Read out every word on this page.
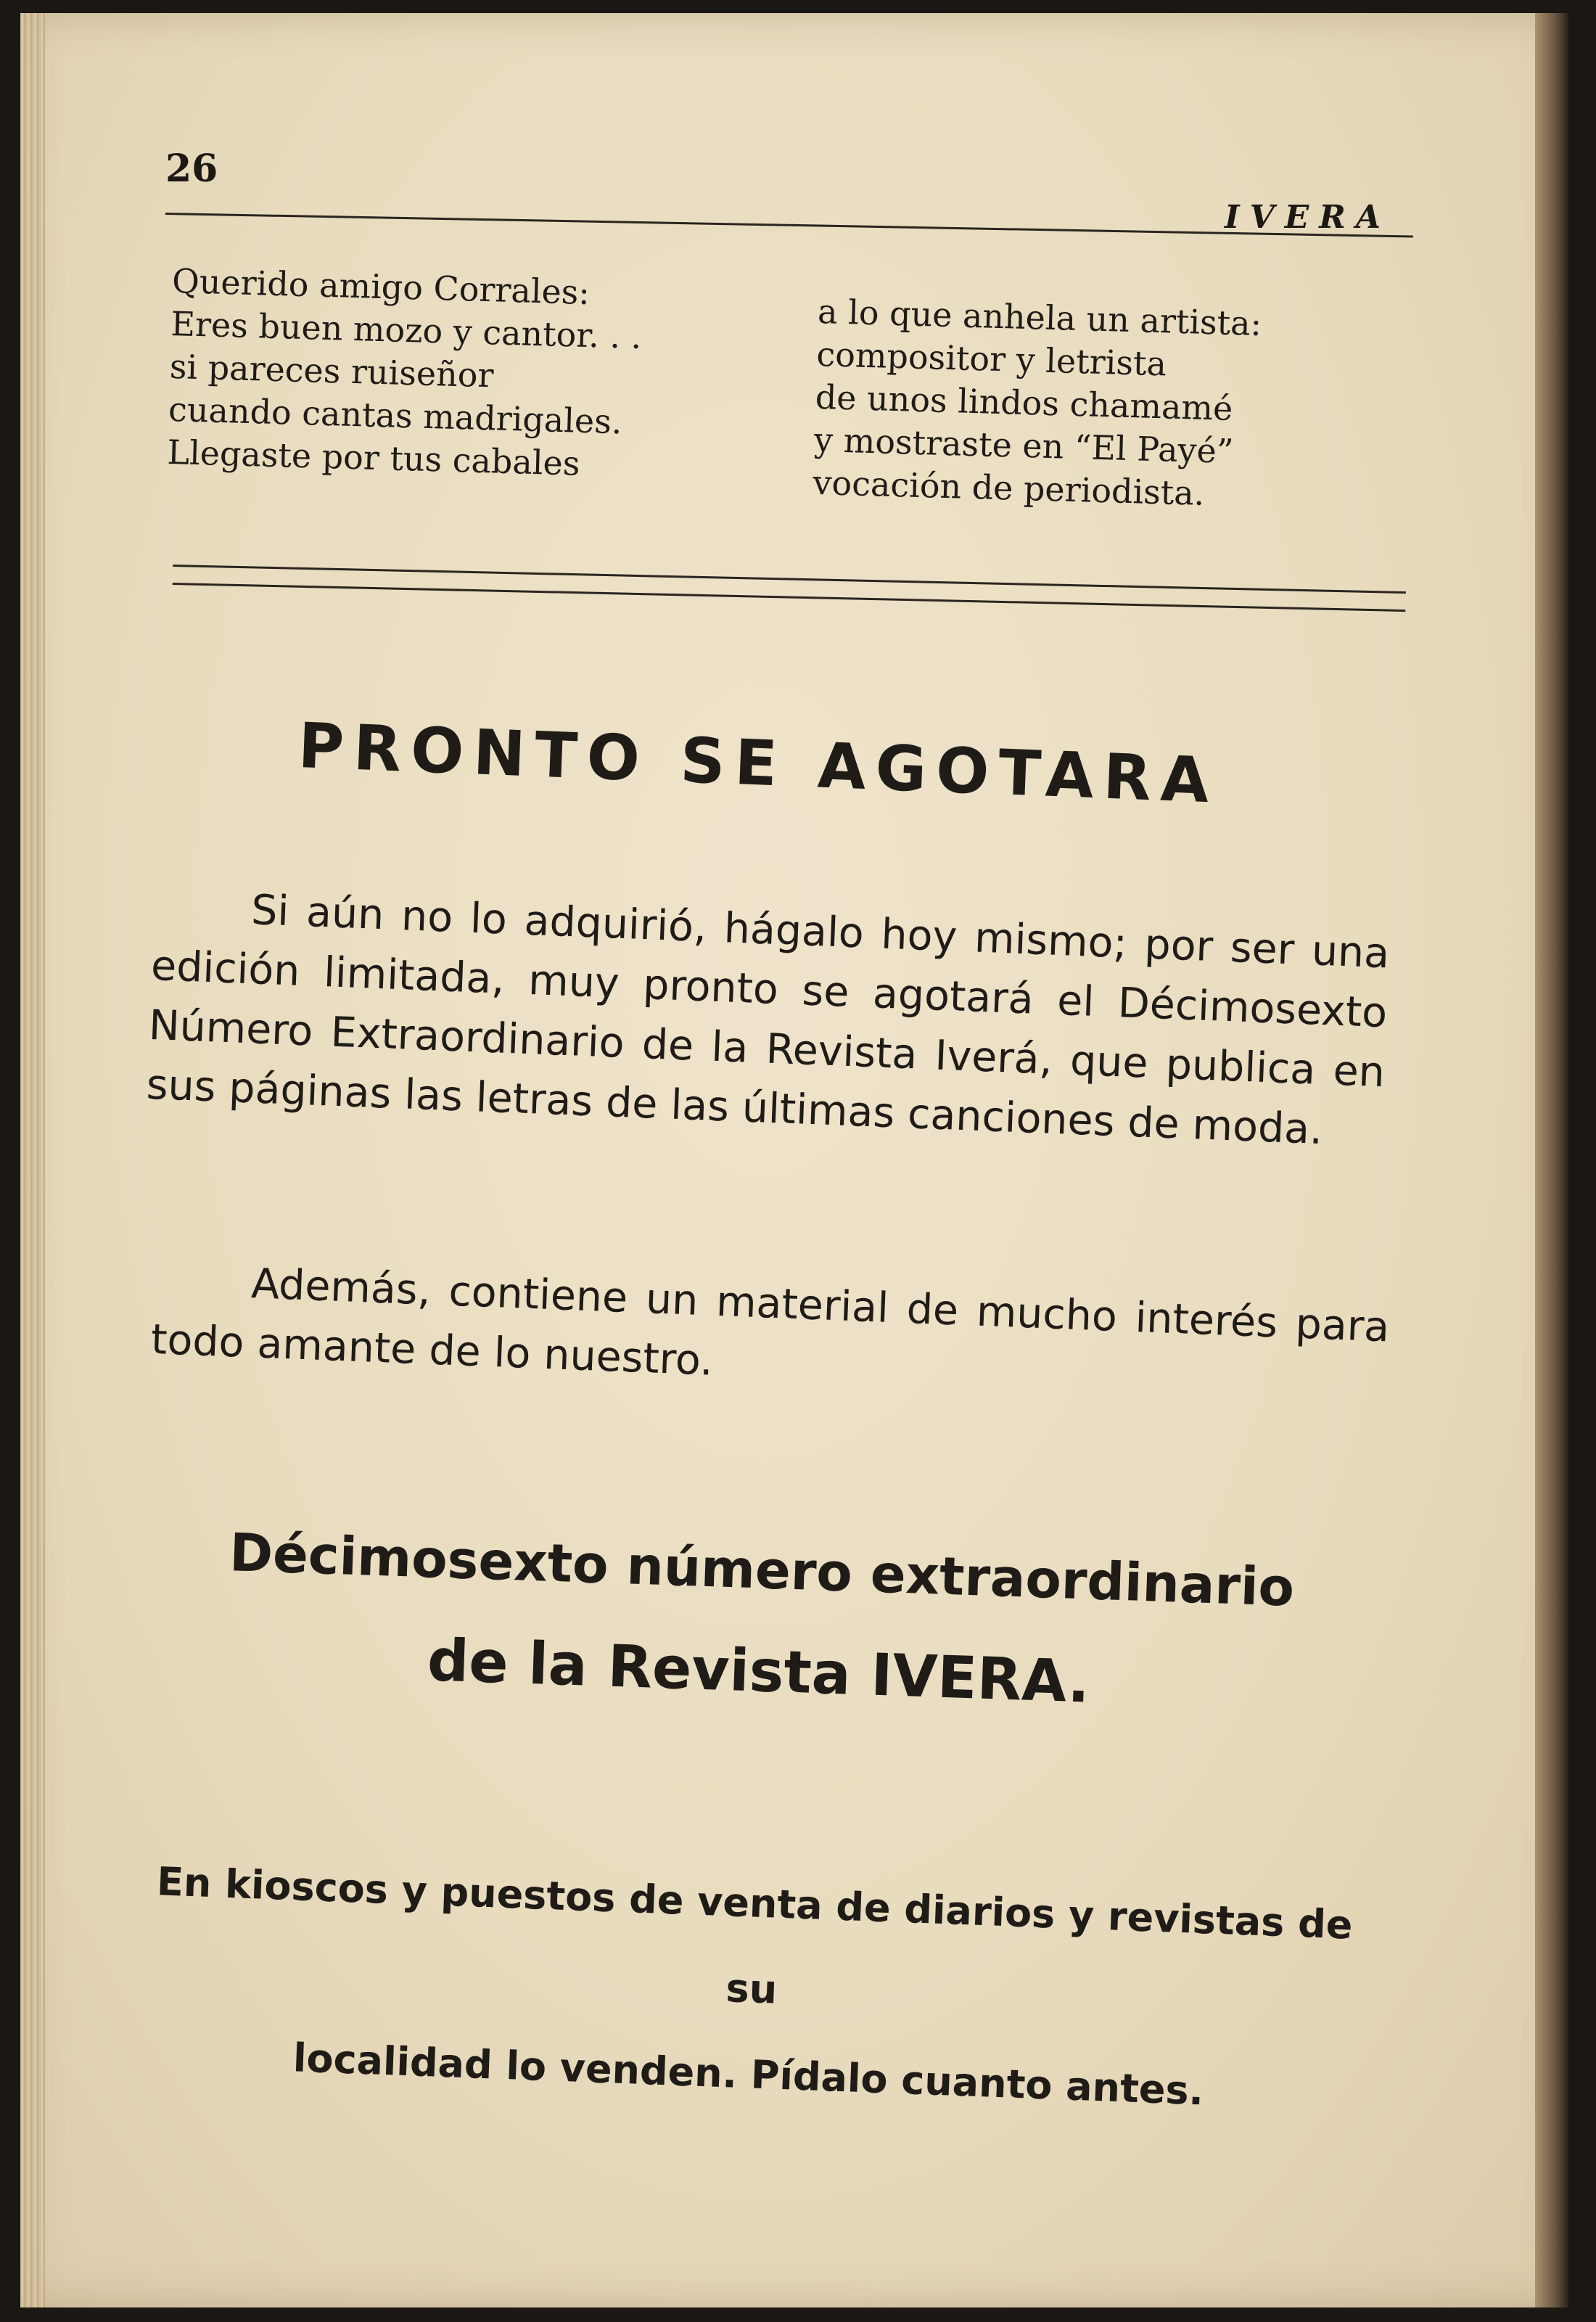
26
IVERA
Querido amigo Corrales:
Eres buen mozo y cantor. . .
si pareces ruiseñor
cuando cantas madrigales.
Llegaste por tus cabales
a lo que anhela un artista:
compositor y letrista
de unos lindos chamamé
y mostraste en “El Payé”
vocación de periodista.
PRONTO SE AGOTARA

Si aún no lo adquirió, hágalo hoy mismo; por ser una edición limitada, muy pronto se agotará el Décimosexto Número Extraordinario de la Revista Iverá, que publica en sus páginas las letras de las últimas canciones de moda.

Además, contiene un material de mucho interés para todo amante de lo nuestro.

Décimosexto número extraordinario
de la Revista IVERA.
En kioscos y puestos de venta de diarios y revistas de su
localidad lo venden. Pídalo cuanto antes.
